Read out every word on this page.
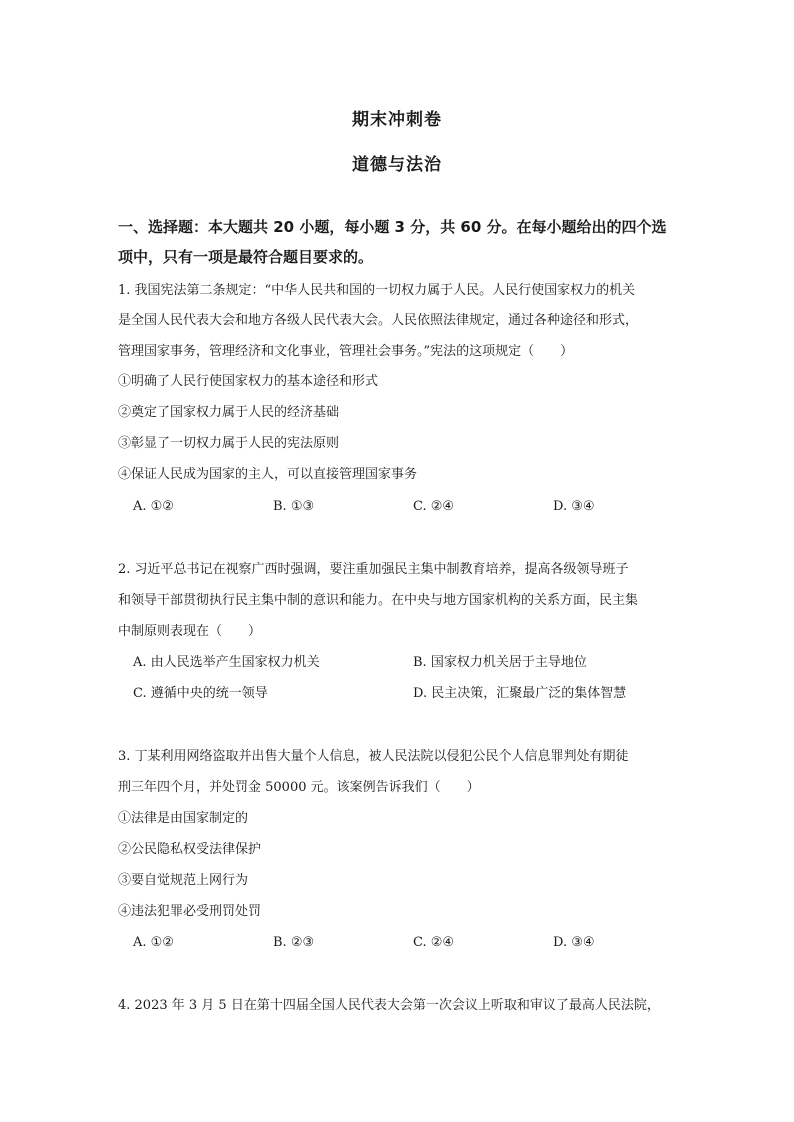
期末冲刺卷
道德与法治
一、选择题：本大题共 20 小题，每小题 3 分，共 60 分。在每小题给出的四个选
项中，只有一项是最符合题目要求的。
1. 我国宪法第二条规定：“中华人民共和国的一切权力属于人民。人民行使国家权力的机关
是全国人民代表大会和地方各级人民代表大会。人民依照法律规定，通过各种途径和形式，
管理国家事务，管理经济和文化事业，管理社会事务。”宪法的这项规定（　　）
①明确了人民行使国家权力的基本途径和形式
②奠定了国家权力属于人民的经济基础
③彰显了一切权力属于人民的宪法原则
④保证人民成为国家的主人，可以直接管理国家事务
A. ①②	B. ①③	C. ②④	D. ③④
2. 习近平总书记在视察广西时强调，要注重加强民主集中制教育培养，提高各级领导班子
和领导干部贯彻执行民主集中制的意识和能力。在中央与地方国家机构的关系方面，民主集
中制原则表现在（　　）
A. 由人民选举产生国家权力机关	B. 国家权力机关居于主导地位
C. 遵循中央的统一领导	D. 民主决策，汇聚最广泛的集体智慧
3. 丁某利用网络盗取并出售大量个人信息，被人民法院以侵犯公民个人信息罪判处有期徒
刑三年四个月，并处罚金 50000 元。该案例告诉我们（　　）
①法律是由国家制定的
②公民隐私权受法律保护
③要自觉规范上网行为
④违法犯罪必受刑罚处罚
A. ①②	B. ②③	C. ②④	D. ③④
4. 2023 年 3 月 5 日在第十四届全国人民代表大会第一次会议上听取和审议了最高人民法院，
